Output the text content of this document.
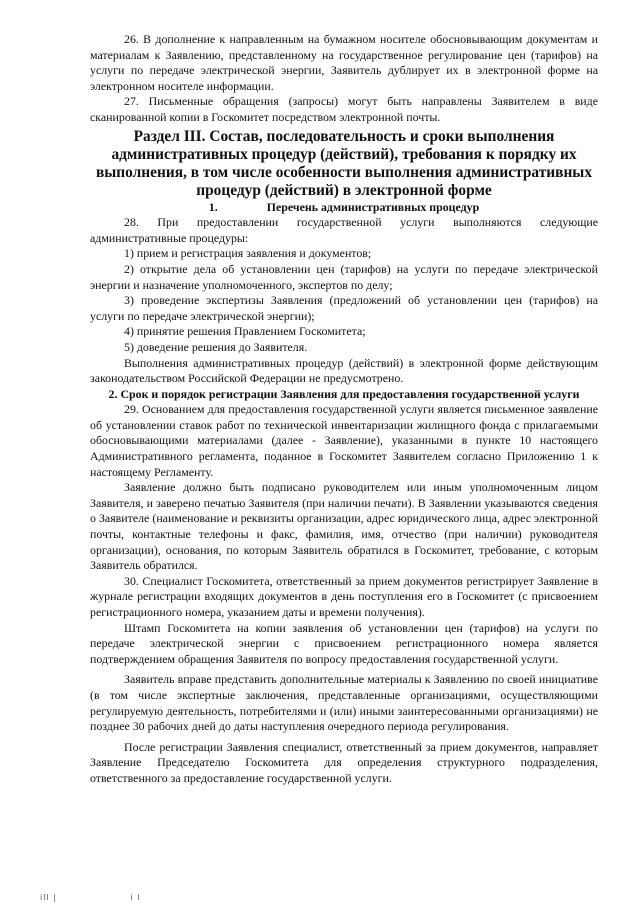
26. В дополнение к направленным на бумажном носителе обосновывающим документам и материалам к Заявлению, представленному на государственное регулирование цен (тарифов) на услуги по передаче электрической энергии, Заявитель дублирует их в электронной форме на электронном носителе информации.

27. Письменные обращения (запросы) могут быть направлены Заявителем в виде сканированной копии в Госкомитет посредством электронной почты.

Раздел III. Состав, последовательность и сроки выполнения административных процедур (действий), требования к порядку их выполнения, в том числе особенности выполнения административных процедур (действий) в электронной форме
1.	Перечень административных процедур

28. При предоставлении государственной услуги выполняются следующие административные процедуры:

1) прием и регистрация заявления и документов;

2) открытие дела об установлении цен (тарифов) на услуги по передаче электрической энергии и назначение уполномоченного, экспертов по делу;

3) проведение экспертизы Заявления (предложений об установлении цен (тарифов) на услуги по передаче электрической энергии);

4) принятие решения Правлением Госкомитета;

5) доведение решения до Заявителя.

Выполнения административных процедур (действий) в электронной форме действующим законодательством Российской Федерации не предусмотрено.

2. Срок и порядок регистрации Заявления для предоставления государственной услуги

29. Основанием для предоставления государственной услуги является письменное заявление об установлении ставок работ по технической инвентаризации жилищного фонда с прилагаемыми обосновывающими материалами (далее - Заявление), указанными в пункте 10 настоящего Административного регламента, поданное в Госкомитет Заявителем согласно Приложению 1 к настоящему Регламенту.

Заявление должно быть подписано руководителем или иным уполномоченным лицом Заявителя, и заверено печатью Заявителя (при наличии печати). В Заявлении указываются сведения о Заявителе (наименование и реквизиты организации, адрес юридического лица, адрес электронной почты, контактные телефоны и факс, фамилия, имя, отчество (при наличии) руководителя организации), основания, по которым Заявитель обратился в Госкомитет, требование, с которым Заявитель обратился.

30. Специалист Госкомитета, ответственный за прием документов регистрирует Заявление в журнале регистрации входящих документов в день поступления его в Госкомитет (с присвоением регистрационного номера, указанием даты и времени получения).

Штамп Госкомитета на копии заявления об установлении цен (тарифов) на услуги по передаче электрической энергии с присвоением регистрационного номера является подтверждением обращения Заявителя по вопросу предоставления государственной услуги.

Заявитель вправе представить дополнительные материалы к Заявлению по своей инициативе (в том числе экспертные заключения, представленные организациями, осуществляющими регулируемую деятельность, потребителями и (или) иными заинтересованными организациями) не позднее 30 рабочих дней до даты наступления очередного периода регулирования.

После регистрации Заявления специалист, ответственный за прием документов, направляет Заявление Председателю Госкомитета для определения структурного подразделения, ответственного за предоставление государственной услуги.

ill |	i l
